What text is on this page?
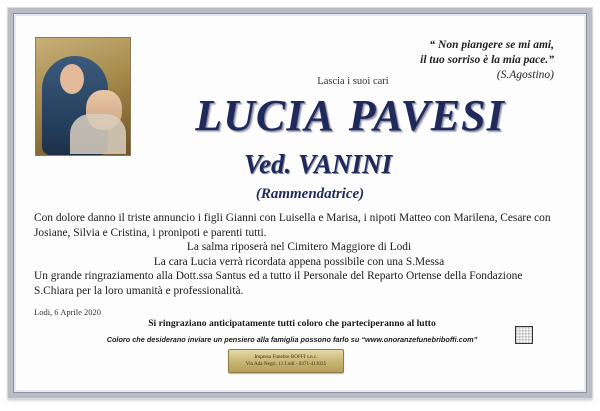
“ Non piangere se mi ami,
il tuo sorriso è la mia pace.”
(S.Agostino)
Lascia i suoi cari
LUCIA PAVESI
Ved. VANINI
(Rammendatrice)
Con dolore danno il triste annuncio i figli Gianni con Luisella e Marisa, i nipoti Matteo con Marilena, Cesare con Josiane, Silvia e Cristina, i pronipoti e parenti tutti.
La salma riposerà nel Cimitero Maggiore di Lodi
La cara Lucia verrà ricordata appena possibile con una S.Messa
Un grande ringraziamento alla Dott.ssa Santus ed a tutto il Personale del Reparto Ortense della Fondazione S.Chiara per la loro umanità e professionalità.
Lodi, 6 Aprile 2020
Si ringraziano anticipatamente tutti coloro che parteciperanno al lutto
Coloro che desiderano inviare un pensiero alla famiglia possono farlo su “www.onoranzefunebriboffi.com”
Impresa Funebre BOFFI s.n.c.
Via Ada Negri, 11 Lodi - 0371-411025
